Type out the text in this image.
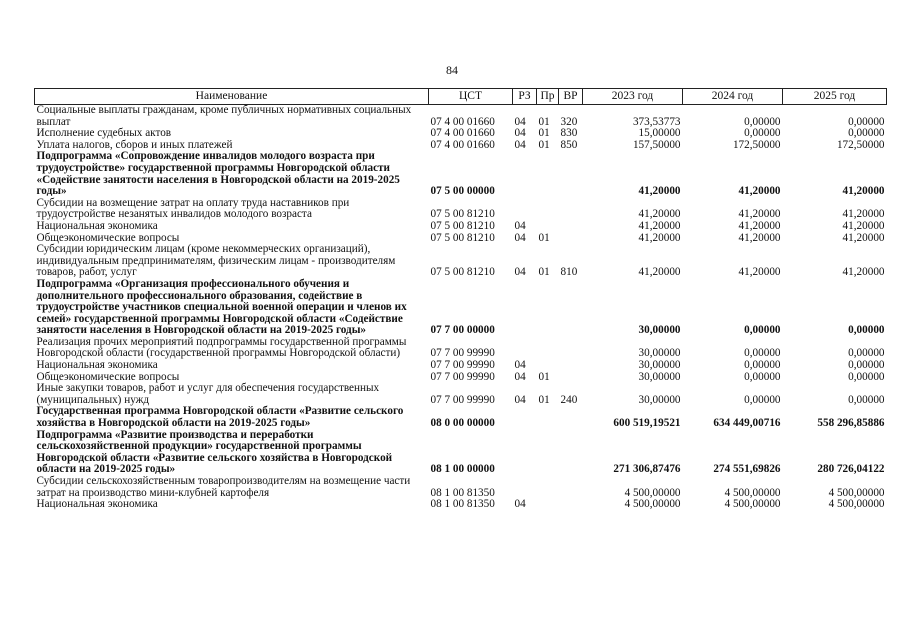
84
Наименование	ЦСТ	РЗ	Пр	ВР	2023 год	2024 год	2025 год
Социальные выплаты гражданам, кроме публичных нормативных социальных выплат	07 4 00 01660	04	01	320	373,53773	0,00000	0,00000
Исполнение судебных актов	07 4 00 01660	04	01	830	15,00000	0,00000	0,00000
Уплата налогов, сборов и иных платежей	07 4 00 01660	04	01	850	157,50000	172,50000	172,50000
Подпрограмма «Сопровождение инвалидов молодого возраста при трудоустройстве» государственной программы Новгородской области «Содействие занятости населения в Новгородской области на 2019-2025 годы»	07 5 00 00000				41,20000	41,20000	41,20000
Субсидии на возмещение затрат на оплату труда наставников при трудоустройстве незанятых инвалидов молодого возраста	07 5 00 81210				41,20000	41,20000	41,20000
Национальная экономика	07 5 00 81210	04			41,20000	41,20000	41,20000
Общеэкономические вопросы	07 5 00 81210	04	01		41,20000	41,20000	41,20000
Субсидии юридическим лицам (кроме некоммерческих организаций), индивидуальным предпринимателям, физическим лицам - производителям товаров, работ, услуг	07 5 00 81210	04	01	810	41,20000	41,20000	41,20000
Подпрограмма «Организация профессионального обучения и дополнительного профессионального образования, содействие в трудоустройстве участников специальной военной операции и членов их семей» государственной программы Новгородской области «Содействие занятости населения в Новгородской области на 2019-2025 годы»	07 7 00 00000				30,00000	0,00000	0,00000
Реализация прочих мероприятий подпрограммы государственной программы Новгородской области (государственной программы Новгородской области)	07 7 00 99990				30,00000	0,00000	0,00000
Национальная экономика	07 7 00 99990	04			30,00000	0,00000	0,00000
Общеэкономические вопросы	07 7 00 99990	04	01		30,00000	0,00000	0,00000
Иные закупки товаров, работ и услуг для обеспечения государственных (муниципальных) нужд	07 7 00 99990	04	01	240	30,00000	0,00000	0,00000
Государственная программа Новгородской области «Развитие сельского хозяйства в Новгородской области на 2019-2025 годы»	08 0 00 00000				600 519,19521	634 449,00716	558 296,85886
Подпрограмма «Развитие производства и переработки сельскохозяйственной продукции» государственной программы Новгородской области «Развитие сельского хозяйства в Новгородской области на 2019-2025 годы»	08 1 00 00000				271 306,87476	274 551,69826	280 726,04122
Субсидии сельскохозяйственным товаропроизводителям на возмещение части затрат на производство мини-клубней картофеля	08 1 00 81350				4 500,00000	4 500,00000	4 500,00000
Национальная экономика	08 1 00 81350	04			4 500,00000	4 500,00000	4 500,00000
